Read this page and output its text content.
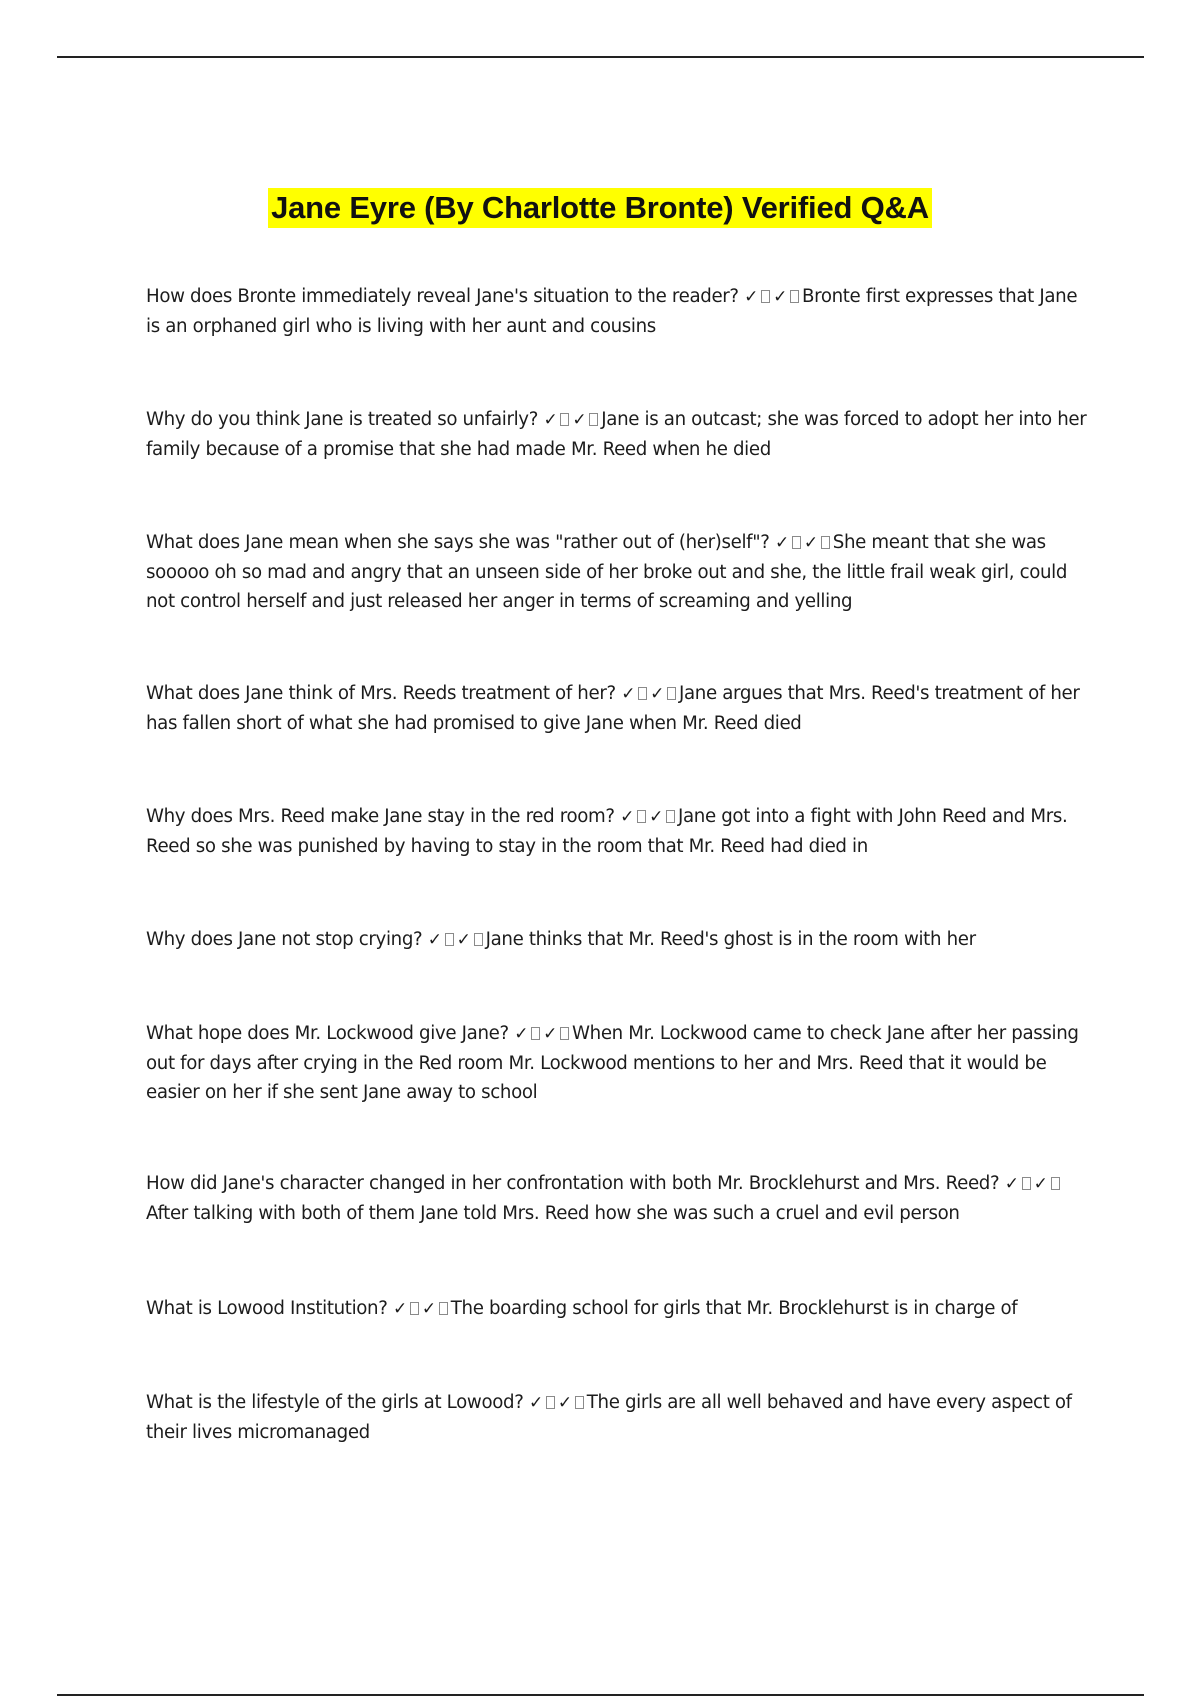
Jane Eyre (By Charlotte Bronte) Verified Q&A
How does Bronte immediately reveal Jane's situation to the reader? ✓ ✓ Bronte first expresses that Jane is an orphaned girl who is living with her aunt and cousins
Why do you think Jane is treated so unfairly? ✓ ✓ Jane is an outcast; she was forced to adopt her into her family because of a promise that she had made Mr. Reed when he died
What does Jane mean when she says she was "rather out of (her)self"? ✓ ✓ She meant that she was sooooo oh so mad and angry that an unseen side of her broke out and she, the little frail weak girl, could not control herself and just released her anger in terms of screaming and yelling
What does Jane think of Mrs. Reeds treatment of her? ✓ ✓ Jane argues that Mrs. Reed's treatment of her has fallen short of what she had promised to give Jane when Mr. Reed died
Why does Mrs. Reed make Jane stay in the red room? ✓ ✓ Jane got into a fight with John Reed and Mrs. Reed so she was punished by having to stay in the room that Mr. Reed had died in
Why does Jane not stop crying? ✓ ✓ Jane thinks that Mr. Reed's ghost is in the room with her
What hope does Mr. Lockwood give Jane? ✓ ✓ When Mr. Lockwood came to check Jane after her passing out for days after crying in the Red room Mr. Lockwood mentions to her and Mrs. Reed that it would be easier on her if she sent Jane away to school
How did Jane's character changed in her confrontation with both Mr. Brocklehurst and Mrs. Reed? ✓ ✓After talking with both of them Jane told Mrs. Reed how she was such a cruel and evil person
What is Lowood Institution? ✓ ✓ The boarding school for girls that Mr. Brocklehurst is in charge of
What is the lifestyle of the girls at Lowood? ✓ ✓ The girls are all well behaved and have every aspect of their lives micromanaged
